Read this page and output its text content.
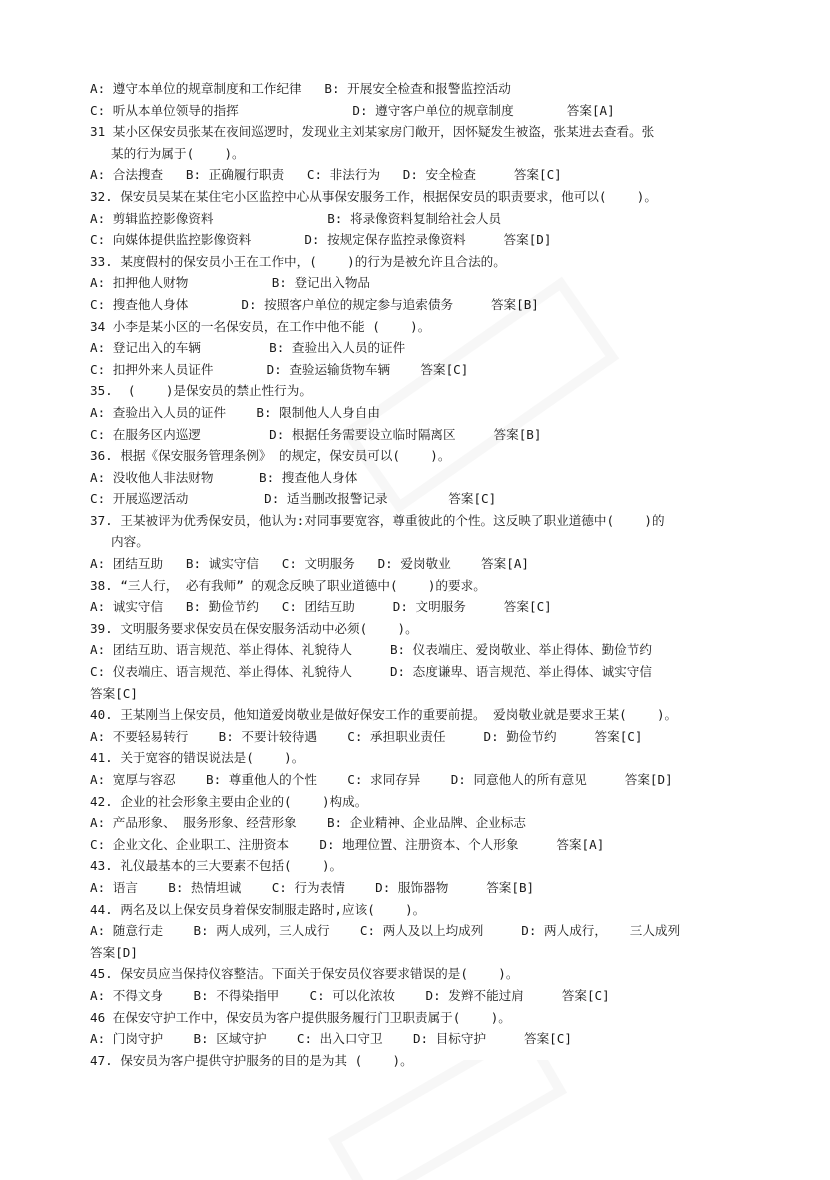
A: 遵守本单位的规章制度和工作纪律   B: 开展安全检查和报警监控活动
C: 听从本单位领导的指挥               D: 遵守客户单位的规章制度       答案[A]
31 某小区保安员张某在夜间巡逻时，发现业主刘某家房门敞开，因怀疑发生被盗，张某进去查看。张
某的行为属于(    )。
A: 合法搜查   B: 正确履行职责   C: 非法行为   D: 安全检查     答案[C]
32. 保安员吴某在某住宅小区监控中心从事保安服务工作，根据保安员的职责要求，他可以(    )。
A: 剪辑监控影像资料               B: 将录像资料复制给社会人员
C: 向媒体提供监控影像资料       D: 按规定保存监控录像资料     答案[D]
33. 某度假村的保安员小王在工作中，(    )的行为是被允许且合法的。
A: 扣押他人财物           B: 登记出入物品
C: 搜查他人身体       D: 按照客户单位的规定参与追索债务     答案[B]
34 小李是某小区的一名保安员，在工作中他不能 (    )。
A: 登记出入的车辆         B: 查验出入人员的证件
C: 扣押外来人员证件       D: 查验运输货物车辆    答案[C]
35.  (    )是保安员的禁止性行为。
A: 查验出入人员的证件    B: 限制他人人身自由
C: 在服务区内巡逻         D: 根据任务需要设立临时隔离区     答案[B]
36. 根据《保安服务管理条例》 的规定，保安员可以(    )。
A: 没收他人非法财物      B: 搜查他人身体
C: 开展巡逻活动          D: 适当删改报警记录        答案[C]
37. 王某被评为优秀保安员，他认为:对同事要宽容，尊重彼此的个性。这反映了职业道德中(    )的
内容。
A: 团结互助   B: 诚实守信   C: 文明服务   D: 爱岗敬业    答案[A]
38. “三人行， 必有我师” 的观念反映了职业道德中(    )的要求。
A: 诚实守信   B: 勤俭节约   C: 团结互助     D: 文明服务     答案[C]
39. 文明服务要求保安员在保安服务活动中必须(    )。
A: 团结互助、语言规范、举止得体、礼貌待人     B: 仪表端庄、爱岗敬业、举止得体、勤俭节约
C: 仪表端庄、语言规范、举止得体、礼貌待人     D: 态度谦卑、语言规范、举止得体、诚实守信
答案[C]
40. 王某刚当上保安员，他知道爱岗敬业是做好保安工作的重要前提。 爱岗敬业就是要求王某(    )。
A: 不要轻易转行    B: 不要计较待遇    C: 承担职业责任     D: 勤俭节约     答案[C]
41. 关于宽容的错误说法是(    )。
A: 宽厚与容忍    B: 尊重他人的个性    C: 求同存异    D: 同意他人的所有意见     答案[D]
42. 企业的社会形象主要由企业的(    )构成。
A: 产品形象、 服务形象、经营形象    B: 企业精神、企业品牌、企业标志
C: 企业文化、企业职工、注册资本    D: 地理位置、注册资本、个人形象     答案[A]
43. 礼仪最基本的三大要素不包括(    )。
A: 语言    B: 热情坦诚    C: 行为表情    D: 服饰器物     答案[B]
44. 两名及以上保安员身着保安制服走路时,应该(    )。
A: 随意行走    B: 两人成列，三人成行    C: 两人及以上均成列     D: 两人成行，   三人成列
答案[D]
45. 保安员应当保持仪容整洁。下面关于保安员仪容要求错误的是(    )。
A: 不得文身    B: 不得染指甲    C: 可以化浓妆    D: 发辫不能过肩     答案[C]
46 在保安守护工作中，保安员为客户提供服务履行门卫职责属于(    )。
A: 门岗守护    B: 区域守护    C: 出入口守卫    D: 目标守护     答案[C]
47. 保安员为客户提供守护服务的目的是为其 (    )。
